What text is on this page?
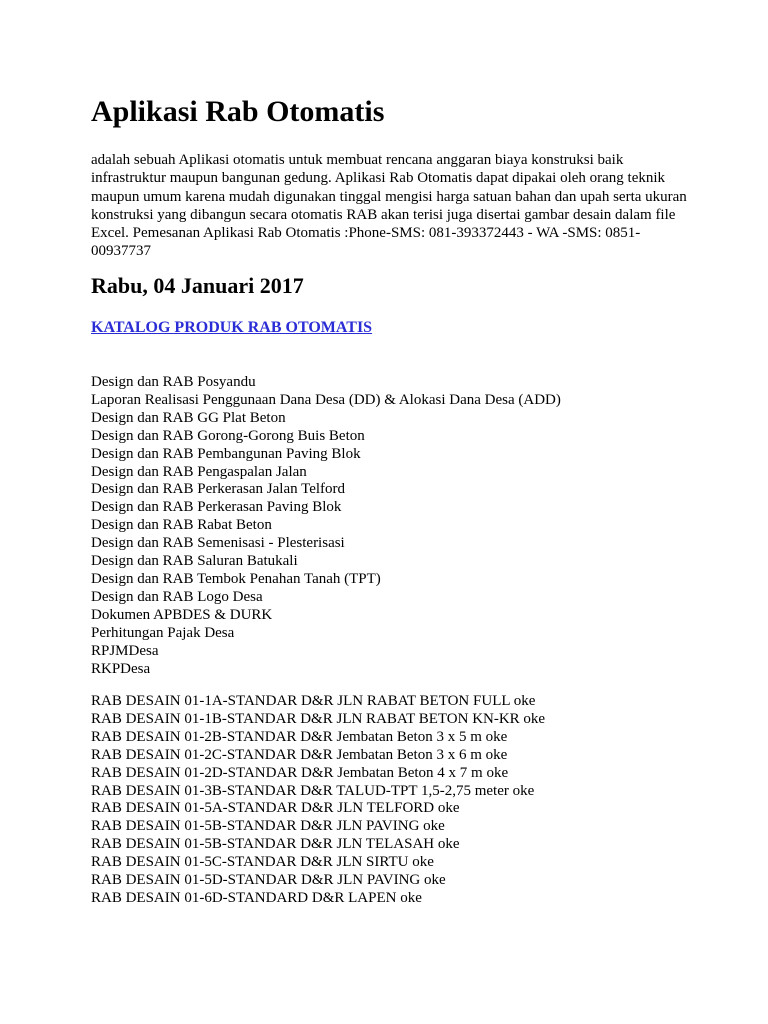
Aplikasi Rab Otomatis
adalah sebuah Aplikasi otomatis untuk membuat rencana anggaran biaya konstruksi baik infrastruktur maupun bangunan gedung. Aplikasi Rab Otomatis dapat dipakai oleh orang teknik maupun umum karena mudah digunakan tinggal mengisi harga satuan bahan dan upah serta ukuran konstruksi yang dibangun secara otomatis RAB akan terisi juga disertai gambar desain dalam file Excel. Pemesanan Aplikasi Rab Otomatis :Phone-SMS: 081-393372443 - WA -SMS: 0851-00937737
Rabu, 04 Januari 2017
KATALOG PRODUK RAB OTOMATIS
Design dan RAB Posyandu
Laporan Realisasi Penggunaan Dana Desa (DD) & Alokasi Dana Desa (ADD)
Design dan RAB GG Plat Beton
Design dan RAB Gorong-Gorong Buis Beton
Design dan RAB Pembangunan Paving Blok
Design dan RAB Pengaspalan Jalan
Design dan RAB Perkerasan Jalan Telford
Design dan RAB Perkerasan Paving Blok
Design dan RAB Rabat Beton
Design dan RAB Semenisasi - Plesterisasi
Design dan RAB Saluran Batukali
Design dan RAB Tembok Penahan Tanah (TPT)
Design dan RAB Logo Desa
Dokumen APBDES & DURK
Perhitungan Pajak Desa
RPJMDesa
RKPDesa
RAB DESAIN 01-1A-STANDAR D&R JLN RABAT BETON FULL oke
RAB DESAIN 01-1B-STANDAR D&R JLN RABAT BETON KN-KR oke
RAB DESAIN 01-2B-STANDAR D&R Jembatan Beton 3 x 5 m oke
RAB DESAIN 01-2C-STANDAR D&R Jembatan Beton 3 x 6 m oke
RAB DESAIN 01-2D-STANDAR D&R Jembatan Beton 4 x 7 m oke
RAB DESAIN 01-3B-STANDAR D&R TALUD-TPT 1,5-2,75 meter oke
RAB DESAIN 01-5A-STANDAR D&R JLN TELFORD oke
RAB DESAIN 01-5B-STANDAR D&R JLN PAVING oke
RAB DESAIN 01-5B-STANDAR D&R JLN TELASAH oke
RAB DESAIN 01-5C-STANDAR D&R JLN SIRTU oke
RAB DESAIN 01-5D-STANDAR D&R JLN PAVING oke
RAB DESAIN 01-6D-STANDARD D&R LAPEN oke
